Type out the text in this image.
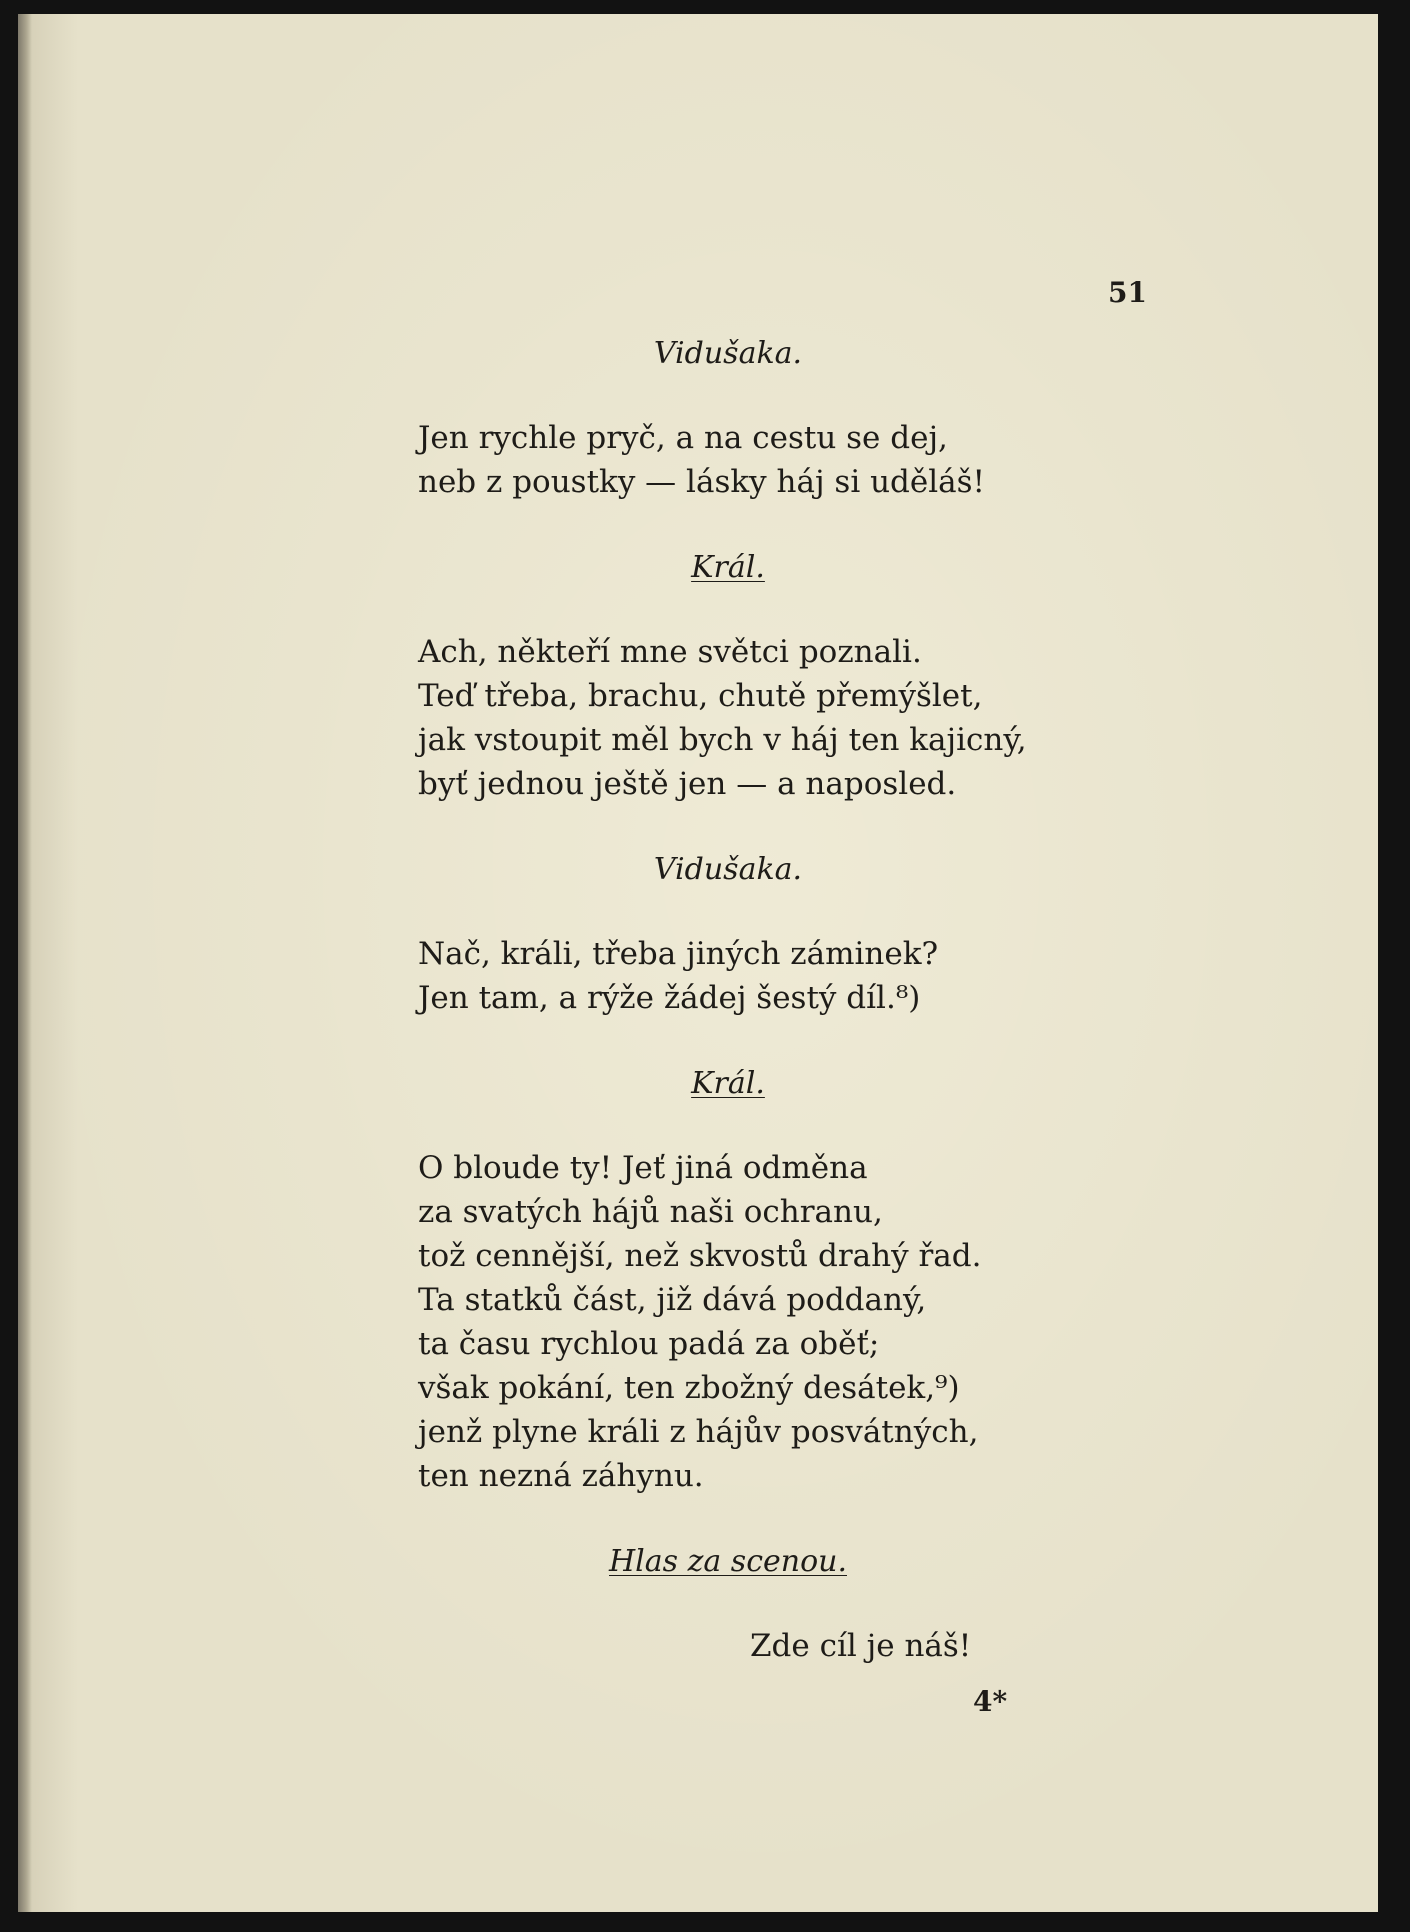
51
Vidušaka.
Jen rychle pryč, a na cestu se dej,
neb z poustky — lásky háj si uděláš!
Král.
Ach, někteří mne světci poznali.
Teď třeba, brachu, chutě přemýšlet,
jak vstoupit měl bych v háj ten kajicný,
byť jednou ještě jen — a naposled.
Vidušaka.
Nač, králi, třeba jiných záminek?
Jen tam, a rýže žádej šestý díl.⁸)
Král.
O bloude ty! Jeť jiná odměna
za svatých hájů naši ochranu,
tož cennější, než skvostů drahý řad.
Ta statků část, již dává poddaný,
ta času rychlou padá za oběť;
však pokání, ten zbožný desátek,⁹)
jenž plyne králi z hájův posvátných,
ten nezná záhynu.
Hlas za scenou.
Zde cíl je náš!
4*
